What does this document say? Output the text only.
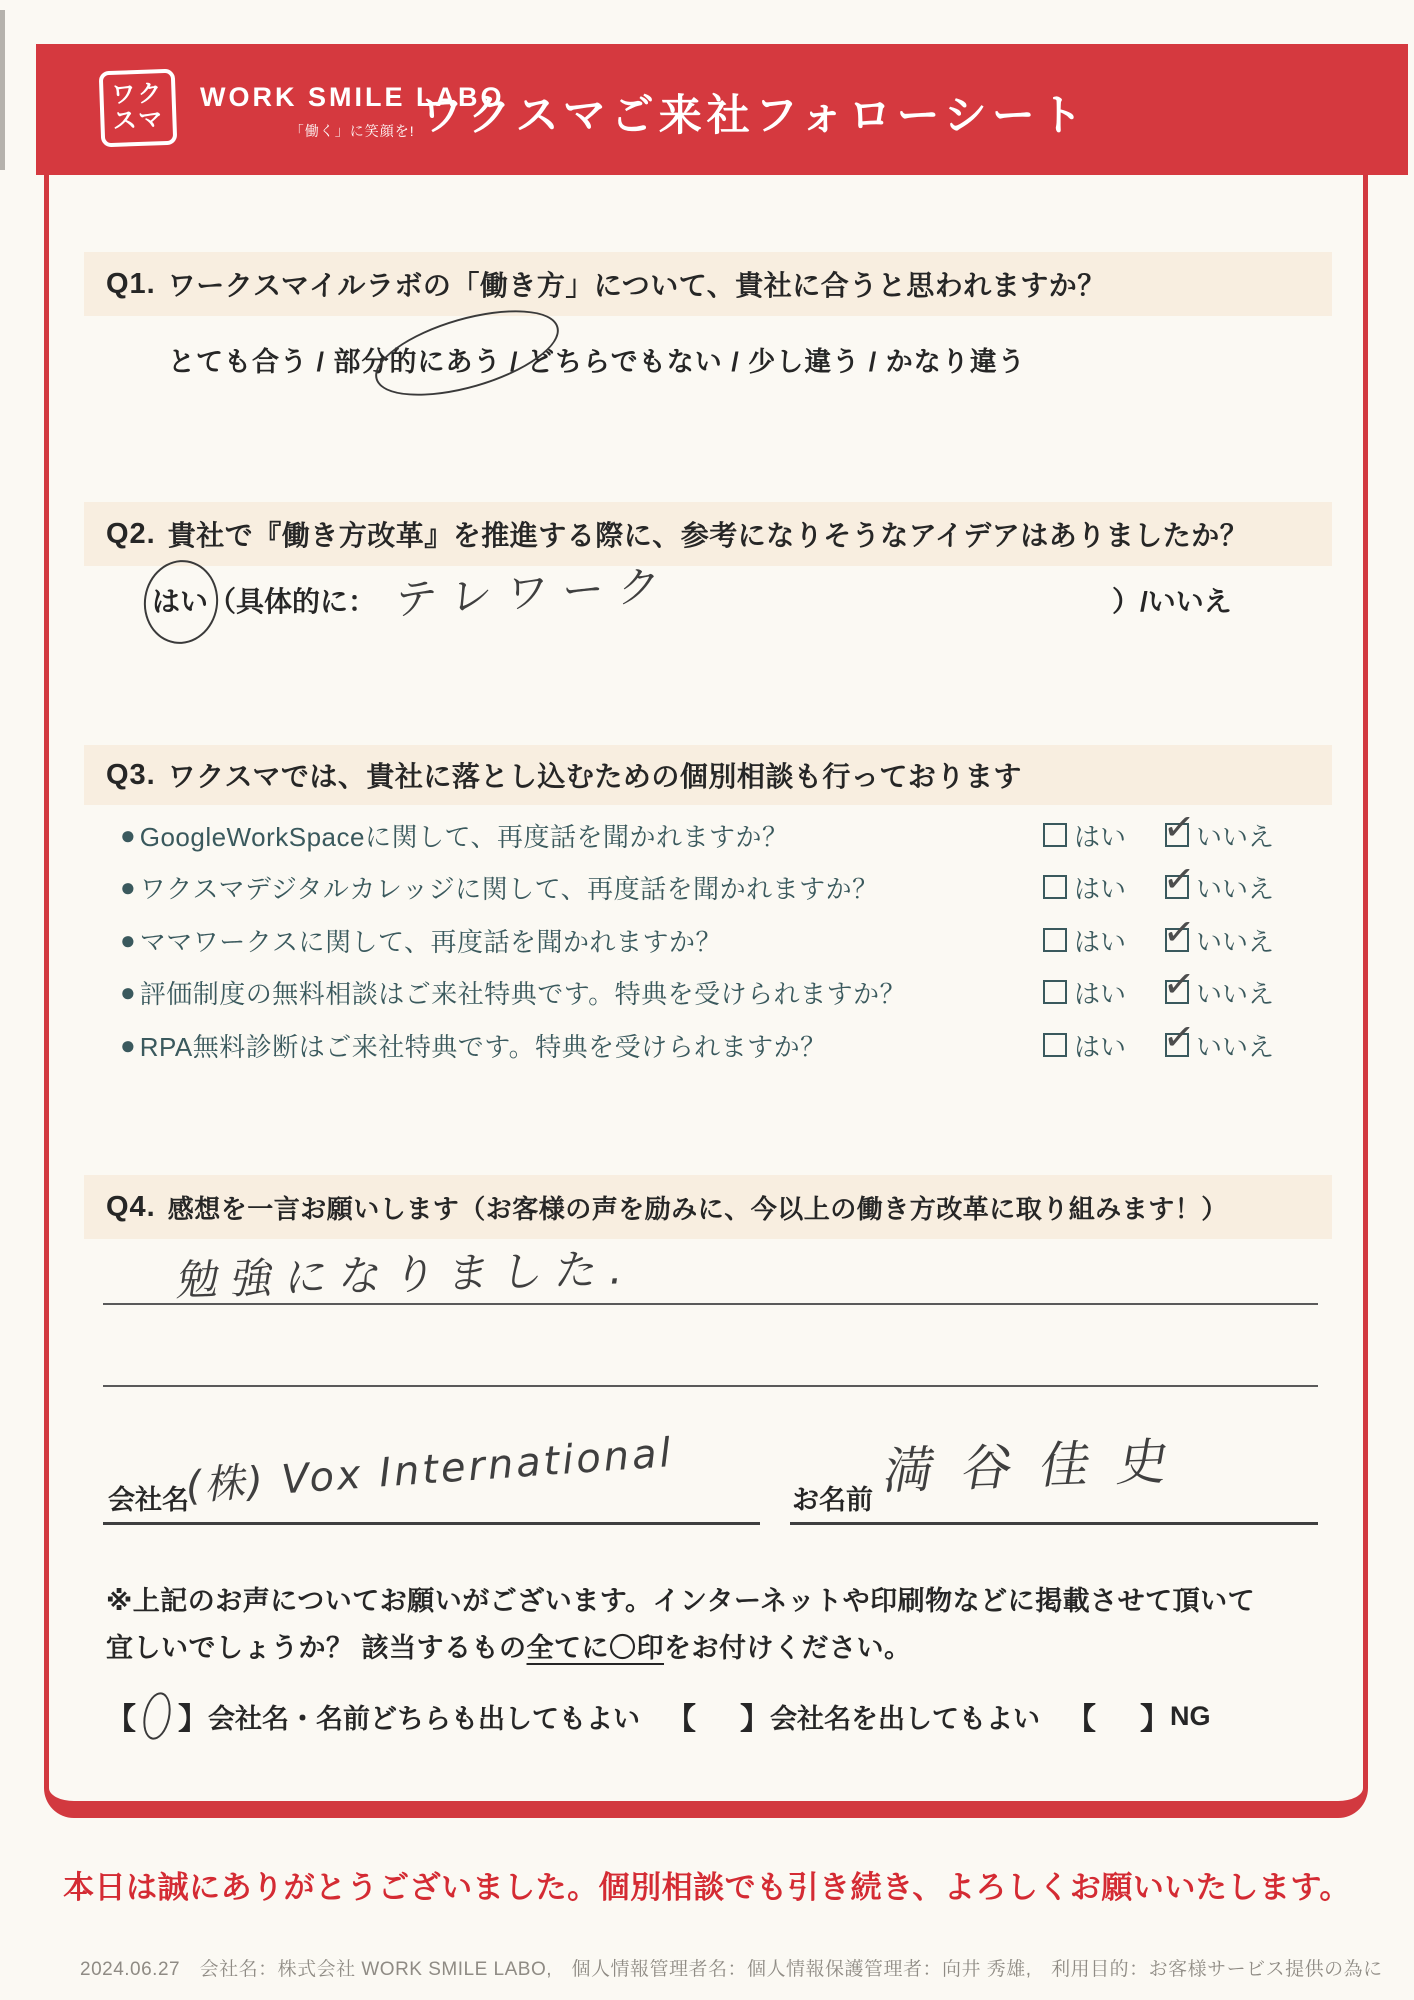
ワク
スマ
WORK SMILE LABO
「働く」に笑顔を! ワクスマご来社フォローシート
Q1. ワークスマイルラボの「働き方」について、貴社に合うと思われますか？
とても合う / 部分的にあう / どちらでもない / 少し違う / かなり違う
Q2. 貴社で『働き方改革』を推進する際に、参考になりそうなアイデアはありましたか？
はい（具体的に： テレワーク	）/いいえ
Q3. ワクスマでは、貴社に落とし込むための個別相談も行っております
● GoogleWorkSpaceに関して、再度話を聞かれますか？	はい ✓ いいえ
● ワクスマデジタルカレッジに関して、再度話を聞かれますか？	はい ✓ いいえ
● ママワークスに関して、再度話を聞かれますか？	はい ✓ いいえ
● 評価制度の無料相談はご来社特典です。特典を受けられますか？	はい ✓ いいえ
● RPA無料診断はご来社特典です。特典を受けられますか？	はい ✓ いいえ
Q4. 感想を一言お願いします（お客様の声を励みに、今以上の働き方改革に取り組みます！）
勉強になりました.
会社名
(株) Vox International	お名前 満谷佳史
※上記のお声についてお願いがございます。インターネットや印刷物などに掲載させて頂いて
宜しいでしょうか？ 該当するもの全てに〇印をお付けください。
【 】 会社名・名前どちらも出してもよい 【 】 会社名を出してもよい 【 】 NG
本日は誠にありがとうございました。個別相談でも引き続き、よろしくお願いいたします。
2024.06.27　会社名：株式会社 WORK SMILE LABO,　個人情報管理者名：個人情報保護管理者：向井 秀雄,　利用目的：お客様サービス提供の為に
